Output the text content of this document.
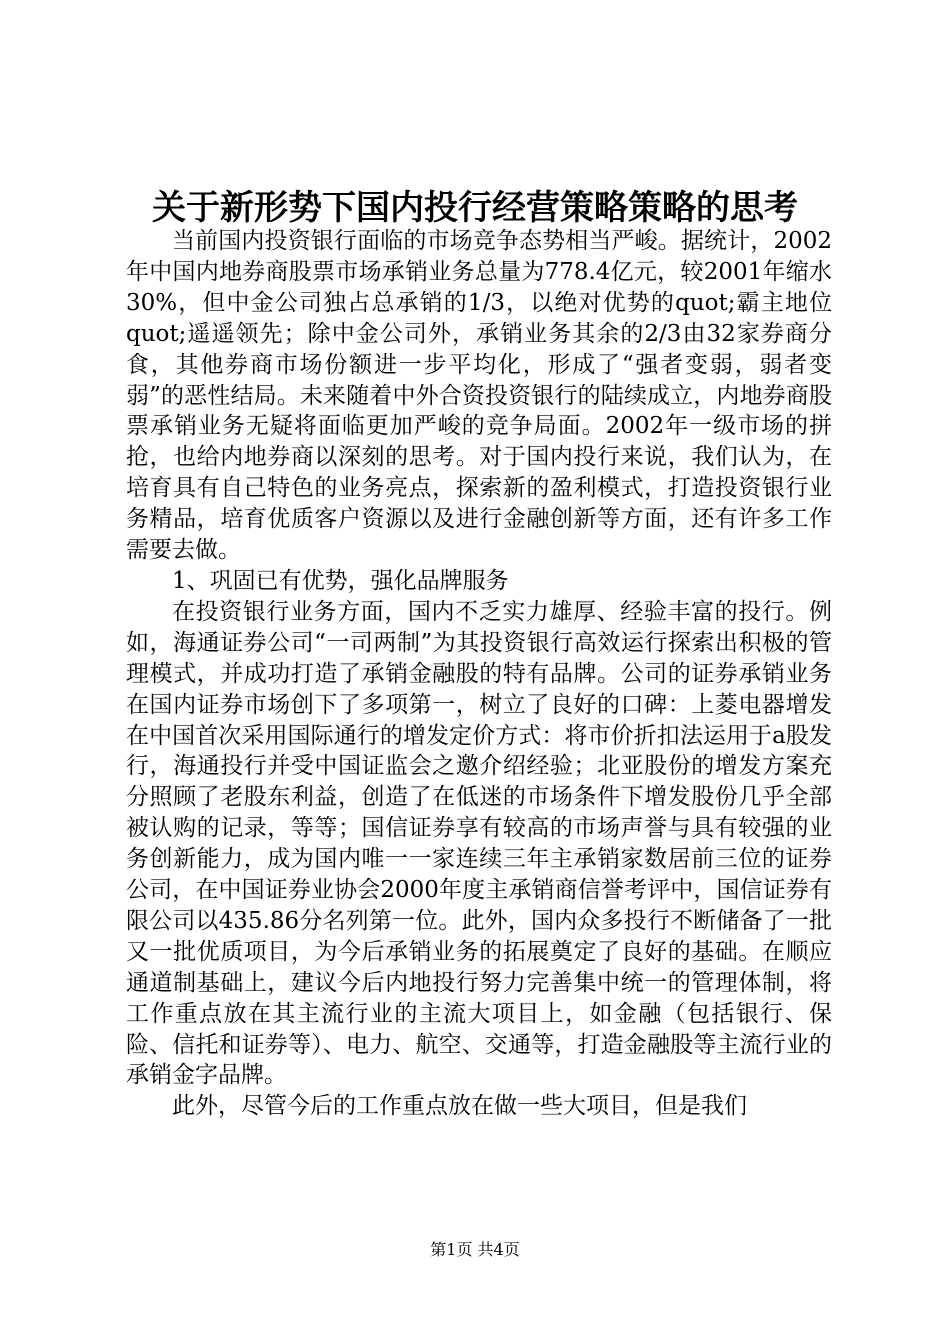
关于新形势下国内投行经营策略策略的思考

当前国内投资银行面临的市场竞争态势相当严峻。据统计，2002年中国内地券商股票市场承销业务总量为778.4亿元，较2001年缩水30%，但中金公司独占总承销的1/3，以绝对优势的quot;霸主地位quot;遥遥领先；除中金公司外，承销业务其余的2/3由32家券商分食，其他券商市场份额进一步平均化，形成了“强者变弱，弱者变弱”的恶性结局。未来随着中外合资投资银行的陆续成立，内地券商股票承销业务无疑将面临更加严峻的竞争局面。2002年一级市场的拼抢，也给内地券商以深刻的思考。对于国内投行来说，我们认为，在培育具有自己特色的业务亮点，探索新的盈利模式，打造投资银行业务精品，培育优质客户资源以及进行金融创新等方面，还有许多工作需要去做。

1、巩固已有优势，强化品牌服务

在投资银行业务方面，国内不乏实力雄厚、经验丰富的投行。例如，海通证券公司“一司两制”为其投资银行高效运行探索出积极的管理模式，并成功打造了承销金融股的特有品牌。公司的证券承销业务在国内证券市场创下了多项第一，树立了良好的口碑：上菱电器增发在中国首次采用国际通行的增发定价方式：将市价折扣法运用于a股发行，海通投行并受中国证监会之邀介绍经验；北亚股份的增发方案充分照顾了老股东利益，创造了在低迷的市场条件下增发股份几乎全部被认购的记录，等等；国信证券享有较高的市场声誉与具有较强的业务创新能力，成为国内唯一一家连续三年主承销家数居前三位的证券公司，在中国证券业协会2000年度主承销商信誉考评中，国信证券有限公司以435.86分名列第一位。此外，国内众多投行不断储备了一批又一批优质项目，为今后承销业务的拓展奠定了良好的基础。在顺应通道制基础上，建议今后内地投行努力完善集中统一的管理体制，将工作重点放在其主流行业的主流大项目上，如金融（包括银行、保险、信托和证券等）、电力、航空、交通等，打造金融股等主流行业的承销金字品牌。

此外，尽管今后的工作重点放在做一些大项目，但是我们

第1页 共4页
